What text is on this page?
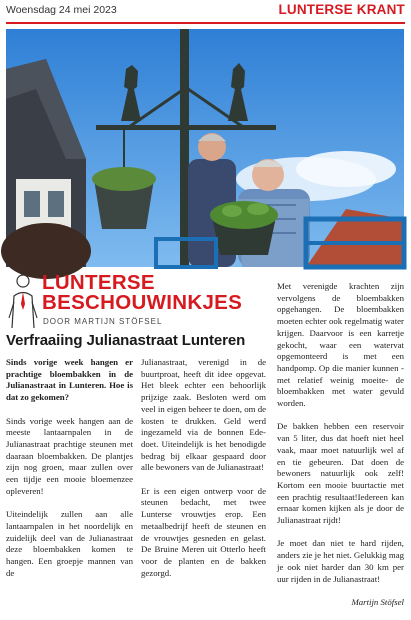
Woensdag 24 mei 2023	LUNTERSE KRANT
LUNTERSE
BESCHOUWINKJES
DOOR MARTIJN STÖFSEL
Verfraaiing Julianastraat Lunteren

Sinds vorige week hangen er prachtige bloembakken in de Julianastraat in Lunteren. Hoe is dat zo gekomen?

Sinds vorige week hangen aan de meeste lantaarnpalen in de Julianastraat prachtige steunen met daaraan bloembakken. De plantjes zijn nog groen, maar zullen over een tijdje een mooie bloemenzee opleveren!

Uiteindelijk zullen aan alle lantaarnpalen in het noordelijk en zuidelijk deel van de Julianastraat deze bloembakken komen te hangen. Een groepje mannen van de

Julianastraat, verenigd in de buurtproat, heeft dit idee opgevat. Het bleek echter een behoorlijk prijzige zaak. Besloten werd om veel in eigen beheer te doen, om de kosten te drukken. Geld werd ingezameld via de bonnen Ede-doet. Uiteindelijk is het benodigde bedrag bij elkaar gespaard door alle bewoners van de Julianastraat!

Er is een eigen ontwerp voor de steunen bedacht, met twee Lunterse vrouwtjes erop. Een metaalbedrijf heeft de steunen en de vrouwtjes gesneden en gelast. De Bruine Meren uit Otterlo heeft voor de planten en de bakken gezorgd.

Met verenigde krachten zijn vervolgens de bloembakken opgehangen. De bloembakken moeten echter ook regelmatig water krijgen. Daarvoor is een karretje gekocht, waar een watervat opgemonteerd is met een handpomp. Op die manier kunnen -met relatief weinig moeite- de bloembakken met water gevuld worden.

De bakken hebben een reservoir van 5 liter, dus dat hoeft niet heel vaak, maar moet natuurlijk wel af en tie gebeuren. Dat doen de bewoners natuurlijk ook zelf! Kortom een mooie buurtactie met een prachtig resultaat!Iedereen kan ernaar komen kijken als je door de Julianastraat rijdt!

Je moet dan niet te hard rijden, anders zie je het niet. Gelukkig mag je ook niet harder dan 30 km per uur rijden in de Julianastraat!

Martijn Stöfsel
